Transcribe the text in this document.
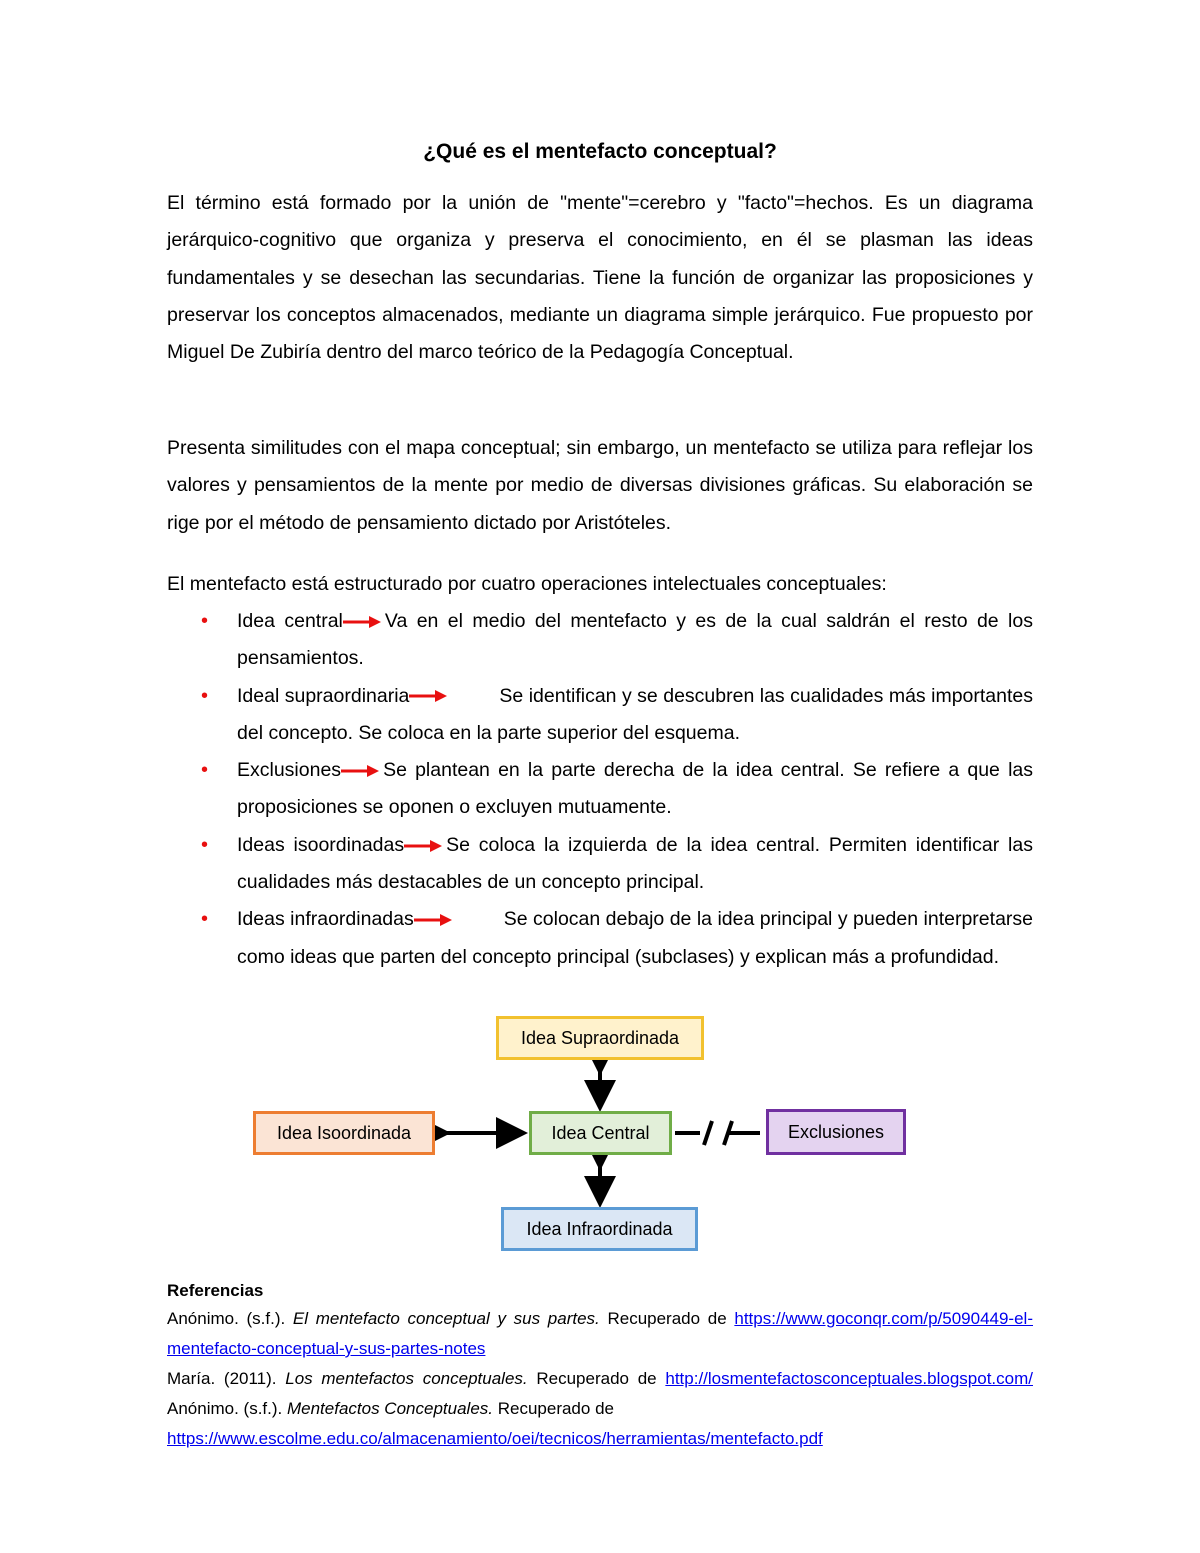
¿Qué es el mentefacto conceptual?

El término está formado por la unión de "mente"=cerebro y "facto"=hechos. Es un diagrama jerárquico-cognitivo que organiza y preserva el conocimiento, en él se plasman las ideas fundamentales y se desechan las secundarias. Tiene la función de organizar las proposiciones y preservar los conceptos almacenados, mediante un diagrama simple jerárquico. Fue propuesto por Miguel De Zubiría dentro del marco teórico de la Pedagogía Conceptual.

Presenta similitudes con el mapa conceptual; sin embargo, un mentefacto se utiliza para reflejar los valores y pensamientos de la mente por medio de diversas divisiones gráficas. Su elaboración se rige por el método de pensamiento dictado por Aristóteles.

El mentefacto está estructurado por cuatro operaciones intelectuales conceptuales:

• Idea central Va en el medio del mentefacto y es de la cual saldrán el resto de los pensamientos.
• Ideal supraordinaria	Se identifican y se descubren las cualidades más importantes del concepto. Se coloca en la parte superior del esquema.
• Exclusiones Se plantean en la parte derecha de la idea central. Se refiere a que las proposiciones se oponen o excluyen mutuamente.
• Ideas isoordinadas Se coloca la izquierda de la idea central. Permiten identificar las cualidades más destacables de un concepto principal.
• Ideas infraordinadas	Se colocan debajo de la idea principal y pueden interpretarse como ideas que parten del concepto principal (subclases) y explican más a profundidad.
Idea Supraordinada
Idea Central
Idea Isoordinada	Exclusiones
Idea Infraordinada
Referencias

Anónimo. (s.f.). El mentefacto conceptual y sus partes. Recuperado de https://www.goconqr.com/p/5090449-el-mentefacto-conceptual-y-sus-partes-notes

María. (2011). Los mentefactos conceptuales. Recuperado de http://losmentefactosconceptuales.blogspot.com/

Anónimo. (s.f.). Mentefactos Conceptuales. Recuperado de
https://www.escolme.edu.co/almacenamiento/oei/tecnicos/herramientas/mentefacto.pdf
